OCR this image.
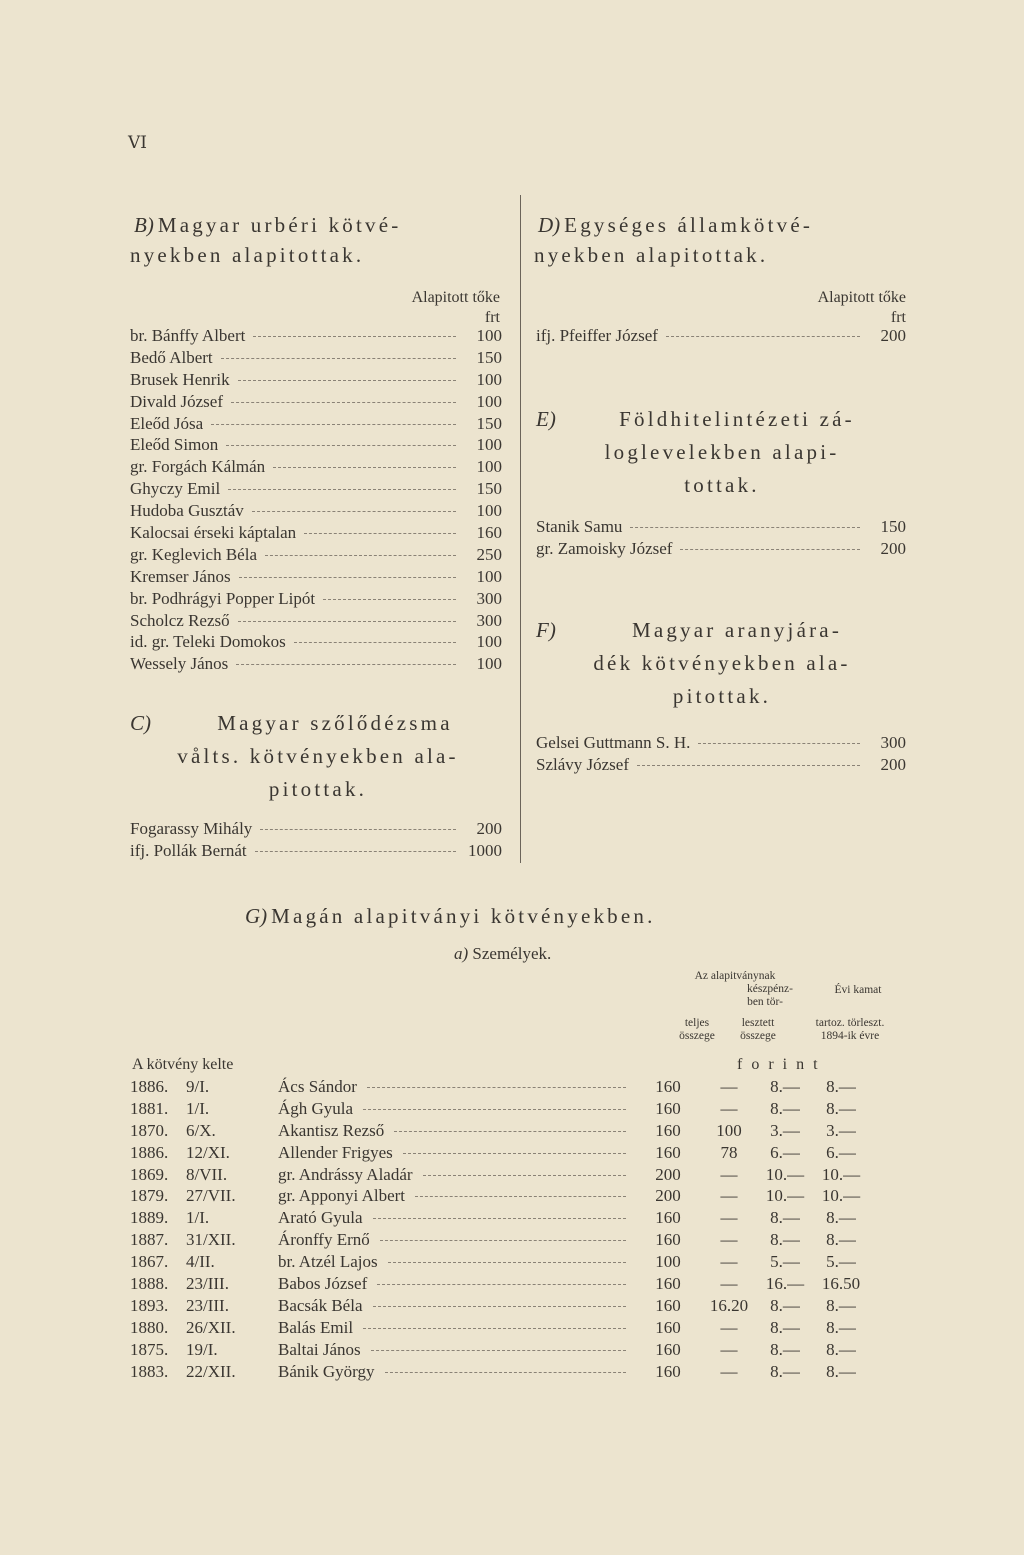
VI
B) Magyar urbéri kötvé-
nyekben alapitottak.
Alapitott tőke
frt
br. Bánffy Albert	100
Bedő Albert	150
Brusek Henrik	100
Divald József	100
Eleőd Jósa	150
Eleőd Simon	100
gr. Forgách Kálmán	100
Ghyczy Emil	150
Hudoba Gusztáv	100
Kalocsai érseki káptalan	160
gr. Keglevich Béla	250
Kremser János	100
br. Podhrágyi Popper Lipót	300
Scholcz Rezső	300
id. gr. Teleki Domokos	100
Wessely János	100
C)	Magyar szőlődézsma
vålts. kötvényekben ala-
pitottak.
Fogarassy Mihály	200
ifj. Pollák Bernát	1000
D) Egységes államkötvé-
nyekben alapitottak.
Alapitott tőke
frt
ifj. Pfeiffer József	200
E)	Földhitelintézeti zá-
loglevelekben alapi-
tottak.
Stanik Samu	150
gr. Zamoisky József	200
F)	Magyar aranyjára-
dék kötvényekben ala-
pitottak.
Gelsei Guttmann S. H.	300
Szlávy József	200
G) Magán alapitványi kötvényekben.
a) Személyek.
Az alapitványnak
készpénz-
ben tör-
Évi kamat
teljes
összege
lesztett
összege
tartoz. törleszt.
1894-ik évre
A kötvény kelte	forint
1886.	9/I.	Ács Sándor	160	—	8.—	8.—
1881.	1/I.	Ágh Gyula	160	—	8.—	8.—
1870.	6/X.	Akantisz Rezső	160	100	3.—	3.—
1886.	12/XI.	Allender Frigyes	160	78	6.—	6.—
1869.	8/VII.	gr. Andrássy Aladár	200	—	10.—	10.—
1879.	27/VII.	gr. Apponyi Albert	200	—	10.—	10.—
1889.	1/I.	Arató Gyula	160	—	8.—	8.—
1887.	31/XII.	Áronffy Ernő	160	—	8.—	8.—
1867.	4/II.	br. Atzél Lajos	100	—	5.—	5.—
1888.	23/III.	Babos József	160	—	16.—	16.50
1893.	23/III.	Bacsák Béla	160	16.20	8.—	8.—
1880.	26/XII.	Balás Emil	160	—	8.—	8.—
1875.	19/I.	Baltai János	160	—	8.—	8.—
1883.	22/XII.	Bánik György	160	—	8.—	8.—
